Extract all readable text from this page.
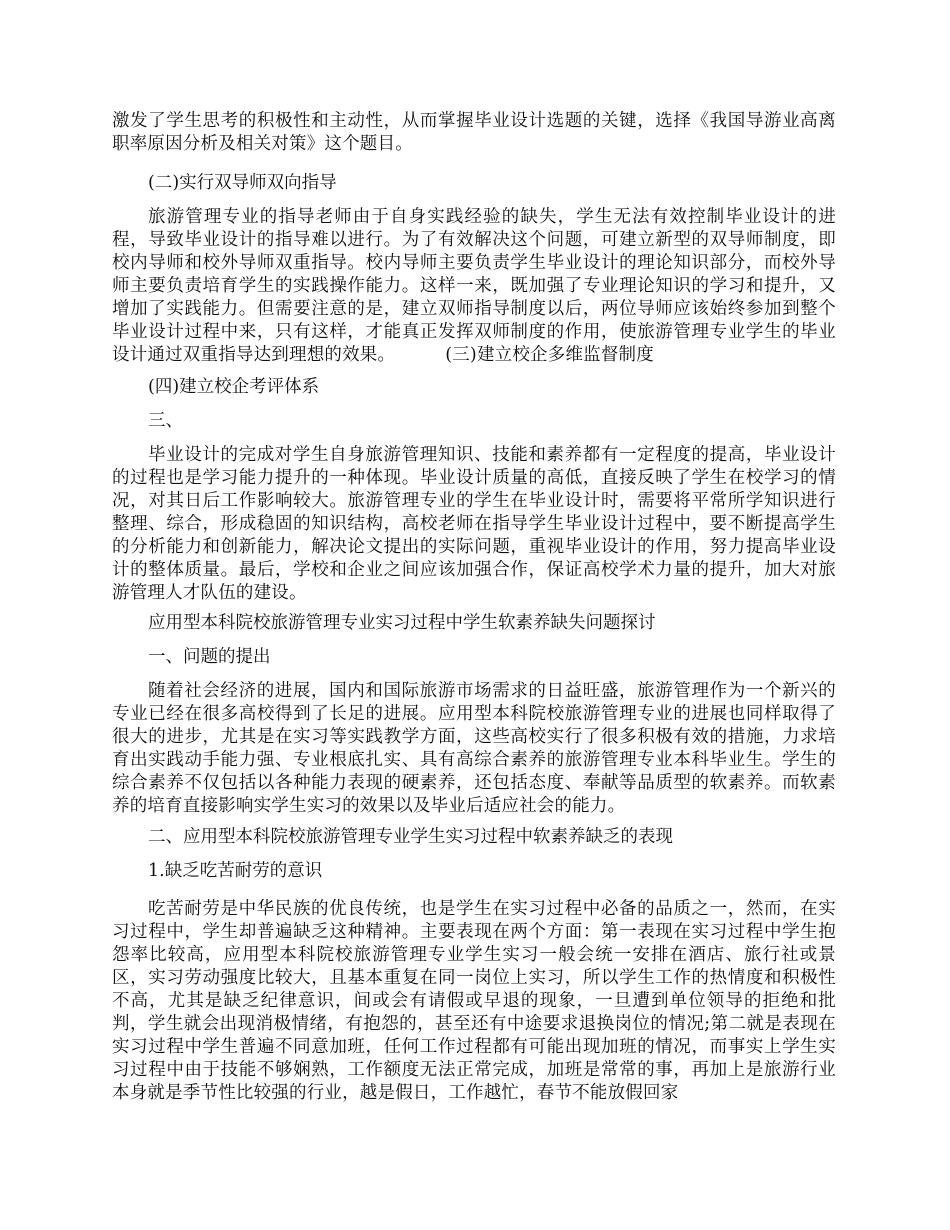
激发了学生思考的积极性和主动性，从而掌握毕业设计选题的关键，选择《我国导游业高离职率原因分析及相关对策》这个题目。

(二)实行双导师双向指导

旅游管理专业的指导老师由于自身实践经验的缺失，学生无法有效控制毕业设计的进程，导致毕业设计的指导难以进行。为了有效解决这个问题，可建立新型的双导师制度，即校内导师和校外导师双重指导。校内导师主要负责学生毕业设计的理论知识部分，而校外导师主要负责培育学生的实践操作能力。这样一来，既加强了专业理论知识的学习和提升，又增加了实践能力。但需要注意的是，建立双师指导制度以后，两位导师应该始终参加到整个毕业设计过程中来，只有这样，才能真正发挥双师制度的作用，使旅游管理专业学生的毕业设计通过双重指导达到理想的效果。	(三)建立校企多维监督制度

(四)建立校企考评体系

三、

毕业设计的完成对学生自身旅游管理知识、技能和素养都有一定程度的提高，毕业设计的过程也是学习能力提升的一种体现。毕业设计质量的高低，直接反映了学生在校学习的情况，对其日后工作影响较大。旅游管理专业的学生在毕业设计时，需要将平常所学知识进行整理、综合，形成稳固的知识结构，高校老师在指导学生毕业设计过程中，要不断提高学生的分析能力和创新能力，解决论文提出的实际问题，重视毕业设计的作用，努力提高毕业设计的整体质量。最后，学校和企业之间应该加强合作，保证高校学术力量的提升，加大对旅游管理人才队伍的建设。

应用型本科院校旅游管理专业实习过程中学生软素养缺失问题探讨

一、问题的提出

随着社会经济的进展，国内和国际旅游市场需求的日益旺盛，旅游管理作为一个新兴的专业已经在很多高校得到了长足的进展。应用型本科院校旅游管理专业的进展也同样取得了很大的进步，尤其是在实习等实践教学方面，这些高校实行了很多积极有效的措施，力求培育出实践动手能力强、专业根底扎实、具有高综合素养的旅游管理专业本科毕业生。学生的综合素养不仅包括以各种能力表现的硬素养，还包括态度、奉献等品质型的软素养。而软素养的培育直接影响实学生实习的效果以及毕业后适应社会的能力。

二、应用型本科院校旅游管理专业学生实习过程中软素养缺乏的表现

1.缺乏吃苦耐劳的意识

吃苦耐劳是中华民族的优良传统，也是学生在实习过程中必备的品质之一，然而，在实习过程中，学生却普遍缺乏这种精神。主要表现在两个方面：第一表现在实习过程中学生抱怨率比较高，应用型本科院校旅游管理专业学生实习一般会统一安排在酒店、旅行社或景区，实习劳动强度比较大，且基本重复在同一岗位上实习，所以学生工作的热情度和积极性不高，尤其是缺乏纪律意识，间或会有请假或早退的现象，一旦遭到单位领导的拒绝和批判，学生就会出现消极情绪，有抱怨的，甚至还有中途要求退换岗位的情况;第二就是表现在实习过程中学生普遍不同意加班，任何工作过程都有可能出现加班的情况，而事实上学生实习过程中由于技能不够娴熟，工作额度无法正常完成，加班是常常的事，再加上是旅游行业本身就是季节性比较强的行业，越是假日，工作越忙，春节不能放假回家
